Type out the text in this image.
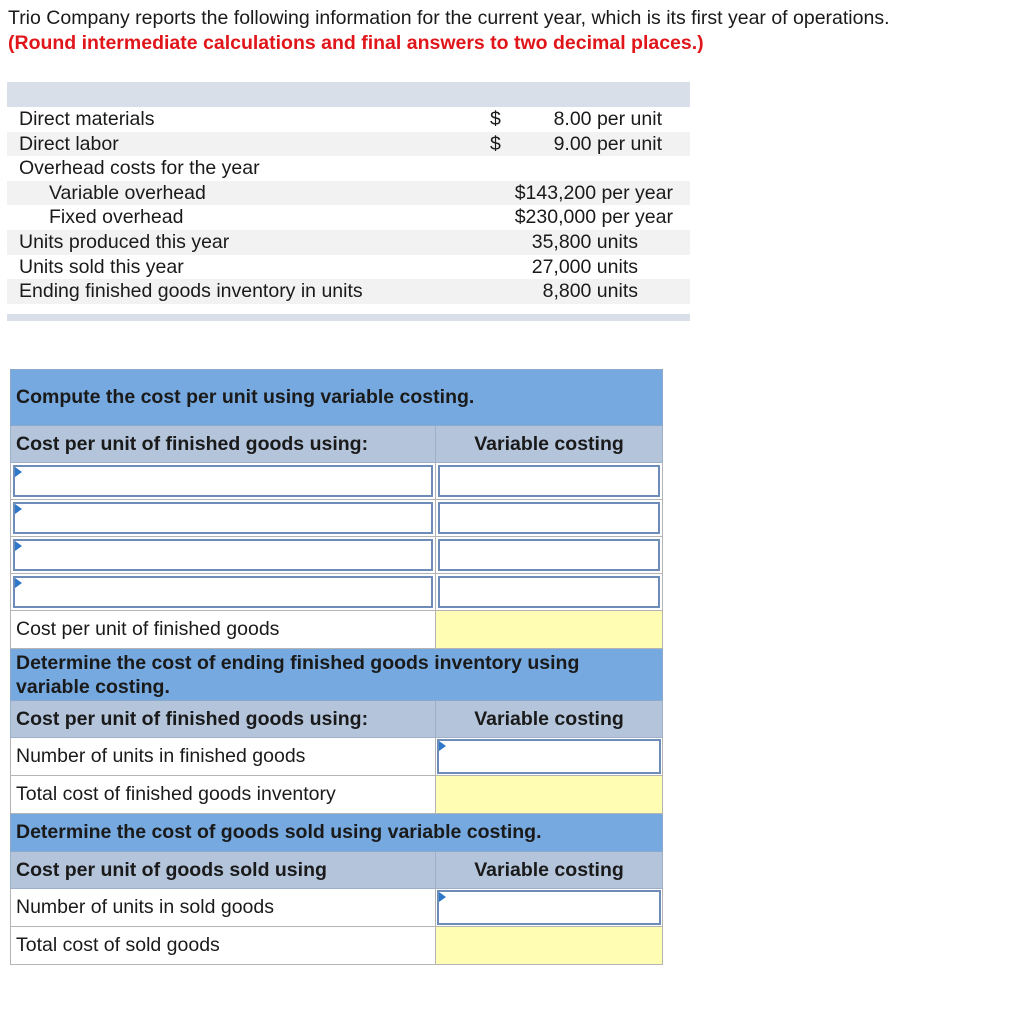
Trio Company reports the following information for the current year, which is its first year of operations.
(Round intermediate calculations and final answers to two decimal places.)
Direct materials	$	8.00 per unit
Direct labor	$	9.00 per unit
Overhead costs for the year
Variable overhead	$143,200 per year
Fixed overhead	$230,000 per year
Units produced this year	35,800 units
Units sold this year	27,000 units
Ending finished goods inventory in units	8,800 units
Compute the cost per unit using variable costing.	
Cost per unit of finished goods using:	Variable costing

Cost per unit of finished goods	
Determine the cost of ending finished goods inventory using variable costing.	
Cost per unit of finished goods using:	Variable costing
Number of units in finished goods	

Total cost of finished goods inventory	
Determine the cost of goods sold using variable costing.	
Cost per unit of goods sold using	Variable costing
Number of units in sold goods	

Total cost of sold goods	
